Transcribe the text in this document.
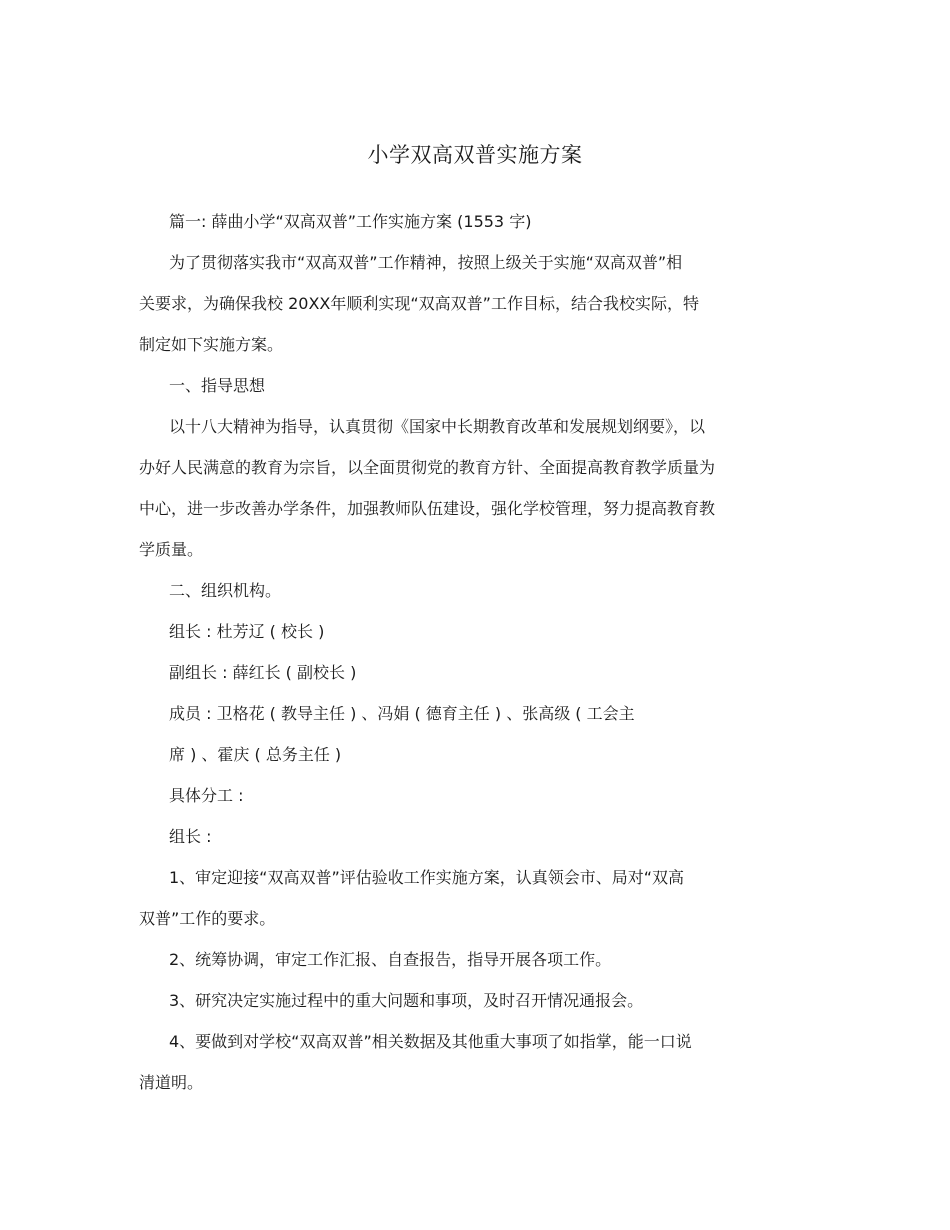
小学双高双普实施方案
篇一: 薛曲小学“双高双普”工作实施方案 (1553 字)
为了贯彻落实我市“双高双普”工作精神，按照上级关于实施“双高双普”相
关要求，为确保我校 20XX年顺利实现“双高双普”工作目标，结合我校实际，特
制定如下实施方案。
一、指导思想
以十八大精神为指导，认真贯彻《国家中长期教育改革和发展规划纲要》，以
办好人民满意的教育为宗旨，以全面贯彻党的教育方针、全面提高教育教学质量为
中心，进一步改善办学条件，加强教师队伍建设，强化学校管理，努力提高教育教
学质量。
二、组织机构。
组长 : 杜芳辽 ( 校长 )
副组长 : 薛红长 ( 副校长 )
成员 : 卫格花 ( 教导主任 ) 、冯娟 ( 德育主任 ) 、张高级 ( 工会主
席 ) 、霍庆 ( 总务主任 )
具体分工 :
组长 :
1、审定迎接“双高双普”评估验收工作实施方案，认真领会市、局对“双高
双普”工作的要求。
2、统筹协调，审定工作汇报、自查报告，指导开展各项工作。
3、研究决定实施过程中的重大问题和事项，及时召开情况通报会。
4、要做到对学校“双高双普”相关数据及其他重大事项了如指掌，能一口说
清道明。
